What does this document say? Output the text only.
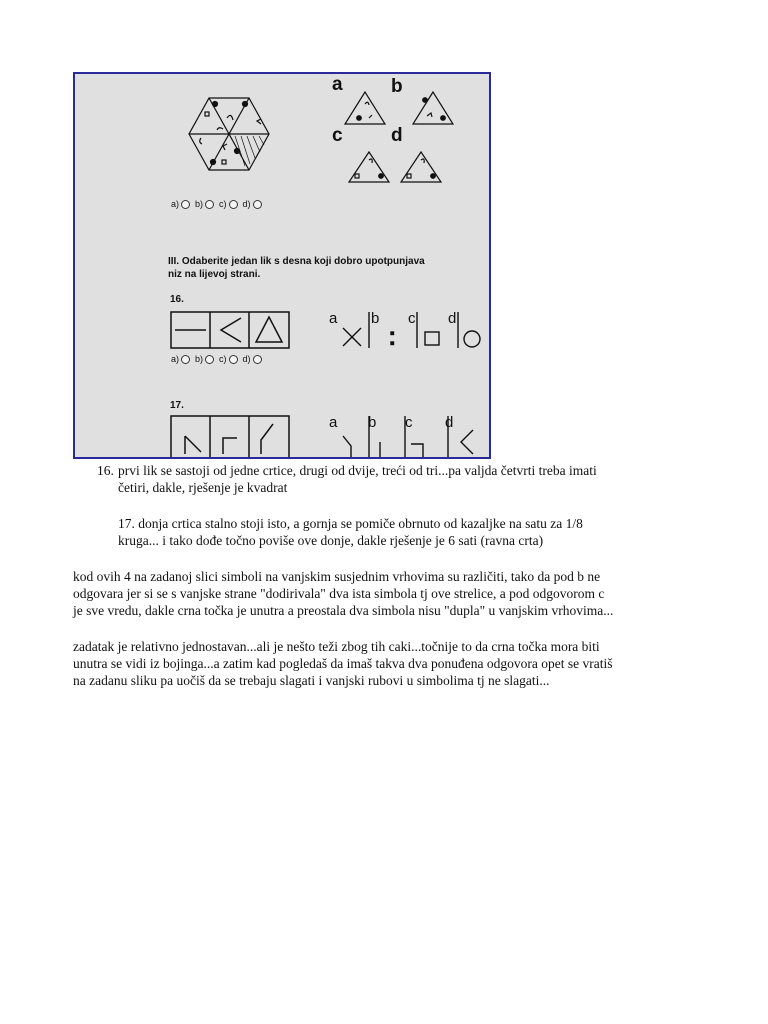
a	b
c	d
a) b) c) d)
III. Odaberite jedan lik s desna koji dobro upotpunjava
niz na lijevoj strani.
16.
a b c d
a) b) c) d)
17.
a b c d
16. prvi lik se sastoji od jedne crtice, drugi od dvije, treći od tri...pa valjda četvrti treba imati
četiri, dakle, rješenje je kvadrat
17. donja crtica stalno stoji isto, a gornja se pomiče obrnuto od kazaljke na satu za 1/8
kruga... i tako dođe točno poviše ove donje, dakle rješenje je 6 sati (ravna crta)
kod ovih 4 na zadanoj slici simboli na vanjskim susjednim vrhovima su različiti, tako da pod b ne
odgovara jer si se s vanjske strane "dodirivala" dva ista simbola tj ove strelice, a pod odgovorom c
je sve vredu, dakle crna točka je unutra a preostala dva simbola nisu "dupla" u vanjskim vrhovima...
zadatak je relativno jednostavan...ali je nešto teži zbog tih caki...točnije to da crna točka mora biti
unutra se vidi iz bojinga...a zatim kad pogledaš da imaš takva dva ponuđena odgovora opet se vratiš
na zadanu sliku pa uočiš da se trebaju slagati i vanjski rubovi u simbolima tj ne slagati...
